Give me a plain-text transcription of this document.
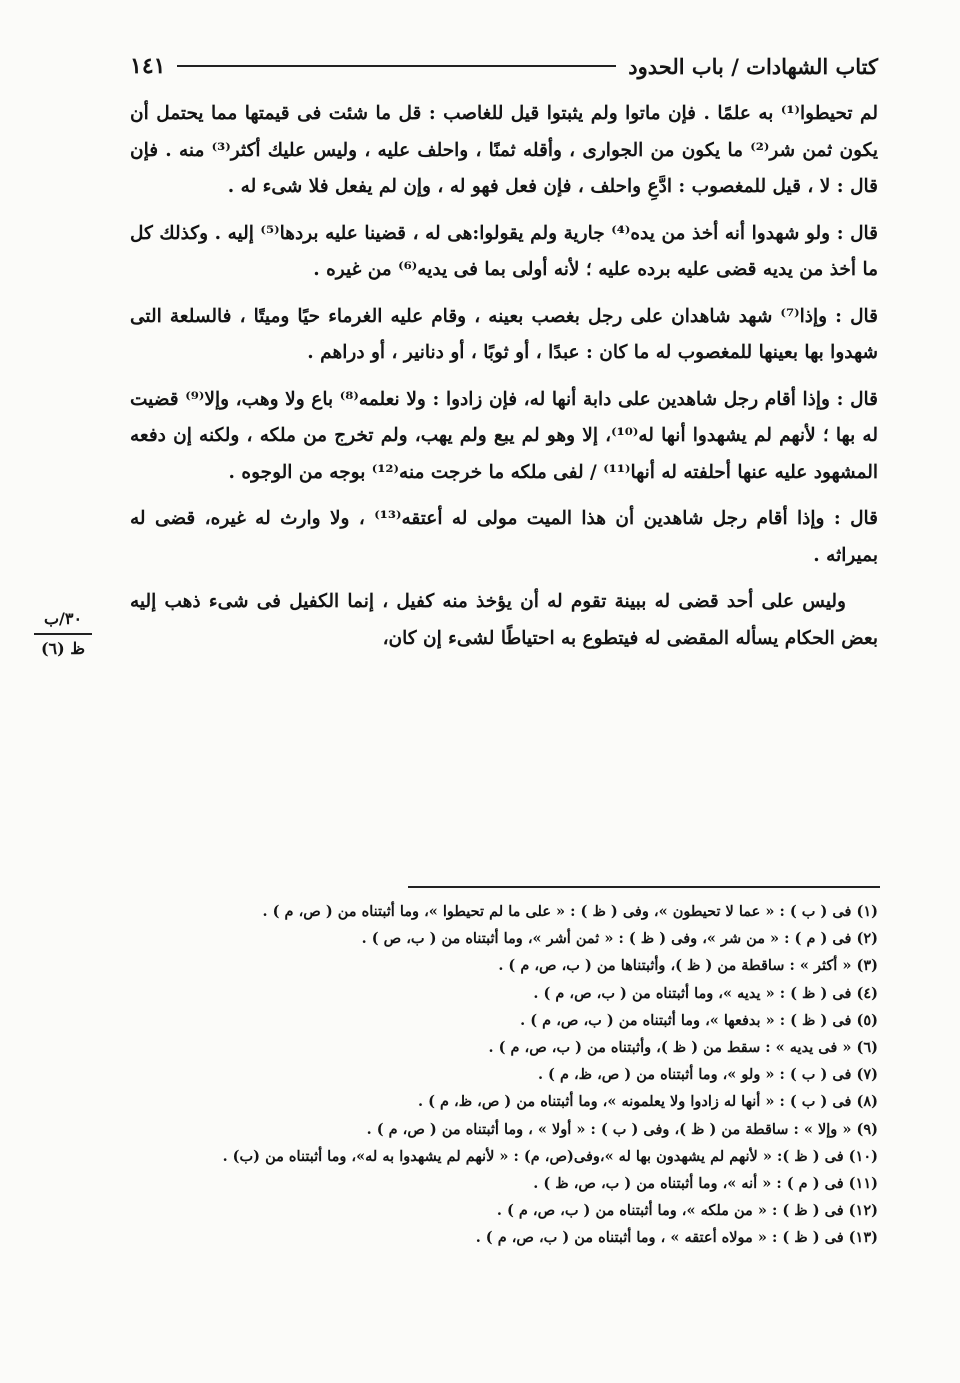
كتاب الشهادات / باب الحدود
١٤١

لم تحيطوا⁽¹⁾ به علمًا . فإن ماتوا ولم يثبتوا قيل للغاصب : قل ما شئت فى قيمتها مما يحتمل أن يكون ثمن شر⁽²⁾ ما يكون من الجوارى ، وأقله ثمنًا ، واحلف عليه ، وليس عليك أكثر⁽³⁾ منه . فإن قال : لا ، قيل للمغصوب : ادَّعِ واحلف ، فإن فعل فهو له ، وإن لم يفعل فلا شىء له .

قال : ولو شهدوا أنه أخذ من يده⁽⁴⁾ جارية ولم يقولوا:هى له ، قضينا عليه بردها⁽⁵⁾ إليه . وكذلك كل ما أخذ من يديه قضى عليه برده عليه ؛ لأنه أولى بما فى يديه⁽⁶⁾ من غيره .

قال : وإذا⁽⁷⁾ شهد شاهدان على رجل بغصب بعينه ، وقام عليه الغرماء حيًا وميتًا ، فالسلعة التى شهدوا بها بعينها للمغصوب له ما كان : عبدًا ، أو ثوبًا ، أو دنانير ، أو دراهم .

قال : وإذا أقام رجل شاهدين على دابة أنها له، فإن زادوا : ولا نعلمه⁽⁸⁾ باع ولا وهب، وإلا⁽⁹⁾ قضيت له بها ؛ لأنهم لم يشهدوا أنها له⁽¹⁰⁾، إلا وهو لم يبع ولم يهب، ولم تخرج من ملكه ، ولكنه إن دفعه المشهود عليه عنها أحلفته له أنها⁽¹¹⁾ / لفى ملكه ما خرجت منه⁽¹²⁾ بوجه من الوجوه .

قال : وإذا أقام رجل شاهدين أن هذا الميت مولى له أعتقه⁽¹³⁾ ، ولا وارث له غيره، قضى له بميراثه .

وليس على أحد قضى له ببينة تقوم له أن يؤخذ منه كفيل ، إنما الكفيل فى شىء ذهب إليه بعض الحكام يسأله المقضى له فيتطوع به احتياطًا لشىء إن كان،

٣٠/ب
ظ (٦)

(١) فى ( ب ) : « عما لا تحيطون »، وفى ( ظ ) : « على ما لم تحيطوا »، وما أثبتناه من ( ص، م ) .

(٢) فى ( م ) : « من شر »، وفى ( ظ ) : « ثمن أشر »، وما أثبتناه من ( ب، ص ) .

(٣) « أكثر » : ساقطة من ( ظ )، وأثبتناها من ( ب، ص، م ) .

(٤) فى ( ظ ) : « يديه »، وما أثبتناه من ( ب، ص، م ) .

(٥) فى ( ظ ) : « بدفعها »، وما أثبتناه من ( ب، ص، م ) .

(٦) « فى يديه » : سقط من ( ظ )، وأثبتناه من ( ب، ص، م ) .

(٧) فى ( ب ) : « ولو »، وما أثبتناه من ( ص، ظ، م ) .

(٨) فى ( ب ) : « أنها له زادوا ولا يعلمونه »، وما أثبتناه من ( ص، ظ، م ) .

(٩) « وإلا » : ساقطة من ( ظ )، وفى ( ب ) : « أولا » ، وما أثبتناه من ( ص، م ) .

(١٠) فى ( ظ ): « لأنهم لم يشهدون بها له »،وفى(ص، م) : « لأنهم لم يشهدوا به له»، وما أثبتناه من (ب) .

(١١) فى ( م ) : « أنه »، وما أثبتناه من ( ب، ص، ظ ) .

(١٢) فى ( ظ ) : « من ملكه »، وما أثبتناه من ( ب، ص، م ) .

(١٣) فى ( ظ ) : « مولاه أعتقه » ، وما أثبتناه من ( ب، ص، م ) .
